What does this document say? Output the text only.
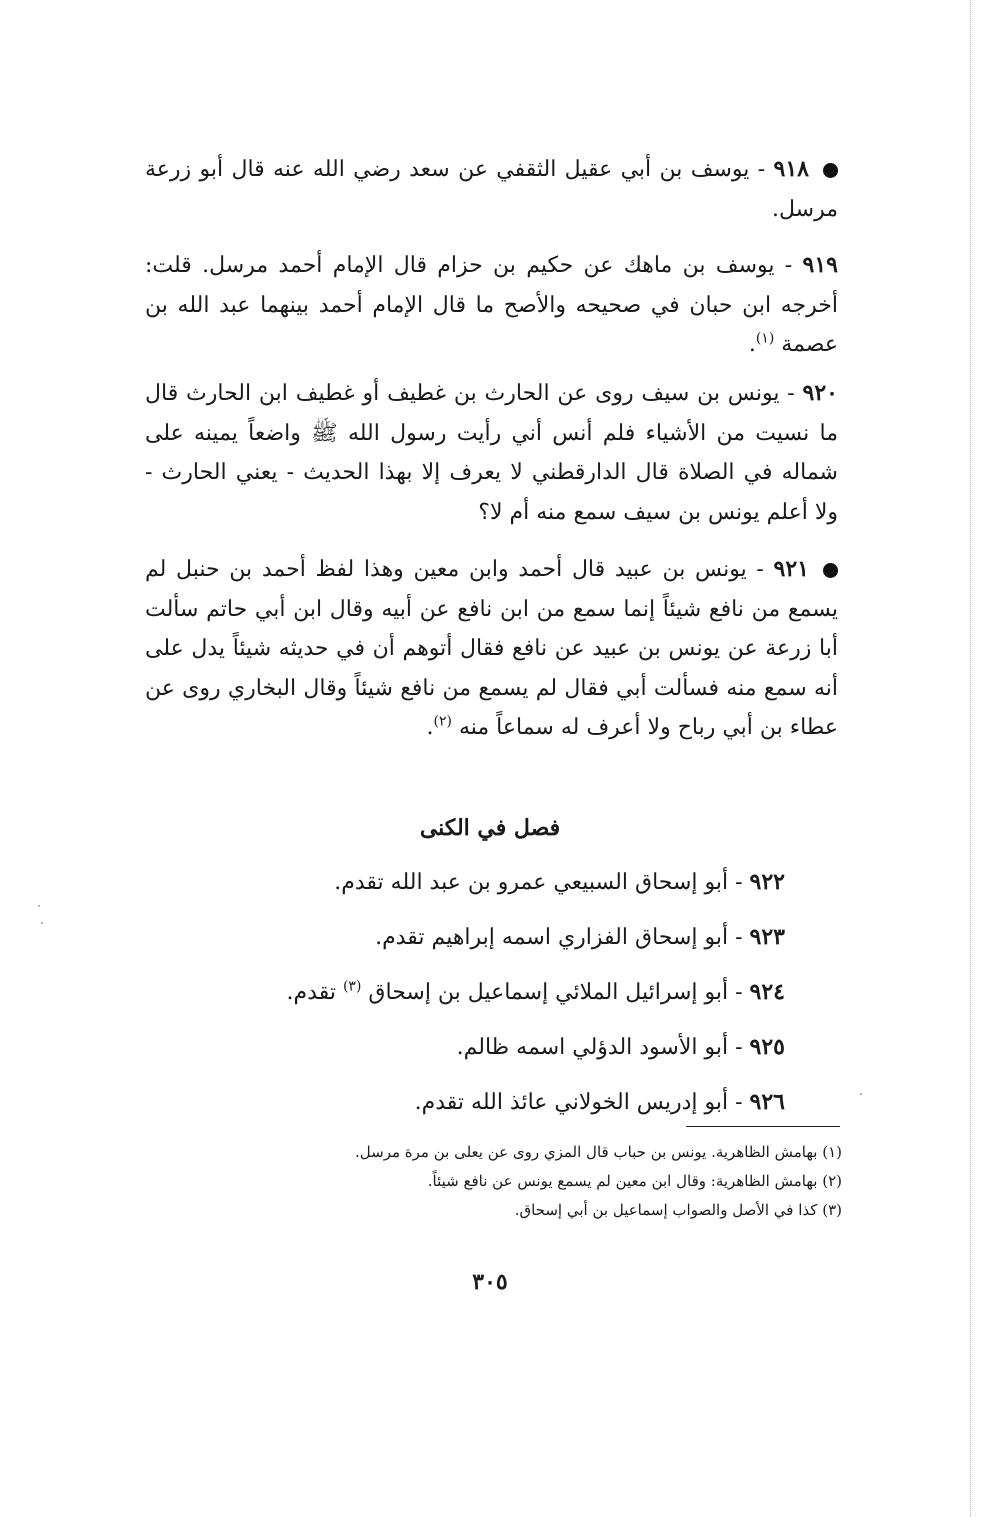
٩١٨ - يوسف بن أبي عقيل الثقفي عن سعد رضي الله عنه قال أبو زرعة مرسل.
٩١٩ - يوسف بن ماهك عن حكيم بن حزام قال الإمام أحمد مرسل. قلت: أخرجه ابن حبان في صحيحه والأصح ما قال الإمام أحمد بينهما عبد الله بن عصمة $^{(١)}$.
٩٢٠ - يونس بن سيف روى عن الحارث بن غطيف أو غطيف ابن الحارث قال ما نسيت من الأشياء فلم أنس أني رأيت رسول الله ﷺ واضعاً يمينه على شماله في الصلاة قال الدارقطني لا يعرف إلا بهذا الحديث - يعني الحارث - ولا أعلم يونس بن سيف سمع منه أم لا؟
٩٢١ - يونس بن عبيد قال أحمد وابن معين وهذا لفظ أحمد بن حنبل لم يسمع من نافع شيئاً إنما سمع من ابن نافع عن أبيه وقال ابن أبي حاتم سألت أبا زرعة عن يونس بن عبيد عن نافع فقال أتوهم أن في حديثه شيئاً يدل على أنه سمع منه فسألت أبي فقال لم يسمع من نافع شيئاً وقال البخاري روى عن عطاء بن أبي رباح ولا أعرف له سماعاً منه $^{(٢)}$.
فصل في الكنى
٩٢٢ - أبو إسحاق السبيعي عمرو بن عبد الله تقدم.
٩٢٣ - أبو إسحاق الفزاري اسمه إبراهيم تقدم.
٩٢٤ - أبو إسرائيل الملائي إسماعيل بن إسحاق $^{(٣)}$ تقدم.
٩٢٥ - أبو الأسود الدؤلي اسمه ظالم.
٩٢٦ - أبو إدريس الخولاني عائذ الله تقدم.
(١) بهامش الظاهرية. يونس بن حباب قال المزي روى عن يعلى بن مرة مرسل.
(٢) بهامش الظاهرية: وقال ابن معين لم يسمع يونس عن نافع شيئاً.
(٣) كذا في الأصل والصواب إسماعيل بن أبي إسحاق.
٣٠٥
